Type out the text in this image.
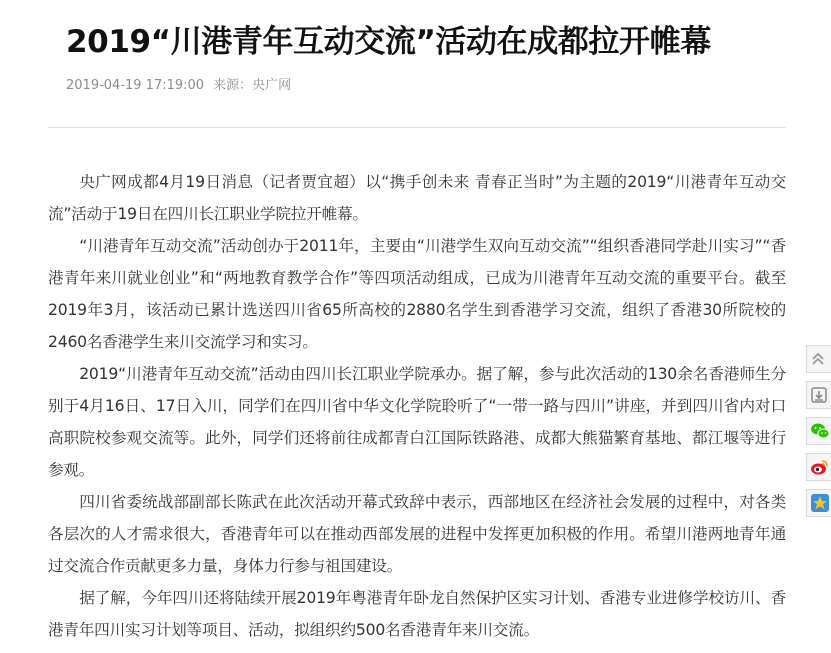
2019“川港青年互动交流”活动在成都拉开帷幕
2019-04-19 17:19:00 来源：央广网

央广网成都4月19日消息（记者贾宜超）以“携手创未来 青春正当时”为主题的2019“川港青年互动交流”活动于19日在四川长江职业学院拉开帷幕。

“川港青年互动交流”活动创办于2011年，主要由“川港学生双向互动交流”“组织香港同学赴川实习”“香港青年来川就业创业”和“两地教育教学合作”等四项活动组成，已成为川港青年互动交流的重要平台。截至2019年3月，该活动已累计选送四川省65所高校的2880名学生到香港学习交流，组织了香港30所院校的2460名香港学生来川交流学习和实习。

2019“川港青年互动交流”活动由四川长江职业学院承办。据了解，参与此次活动的130余名香港师生分别于4月16日、17日入川，同学们在四川省中华文化学院聆听了“一带一路与四川”讲座，并到四川省内对口高职院校参观交流等。此外，同学们还将前往成都青白江国际铁路港、成都大熊猫繁育基地、都江堰等进行参观。

四川省委统战部副部长陈武在此次活动开幕式致辞中表示，西部地区在经济社会发展的过程中，对各类各层次的人才需求很大，香港青年可以在推动西部发展的进程中发挥更加积极的作用。希望川港两地青年通过交流合作贡献更多力量，身体力行参与祖国建设。

据了解，今年四川还将陆续开展2019年粤港青年卧龙自然保护区实习计划、香港专业进修学校访川、香港青年四川实习计划等项目、活动，拟组织约500名香港青年来川交流。
